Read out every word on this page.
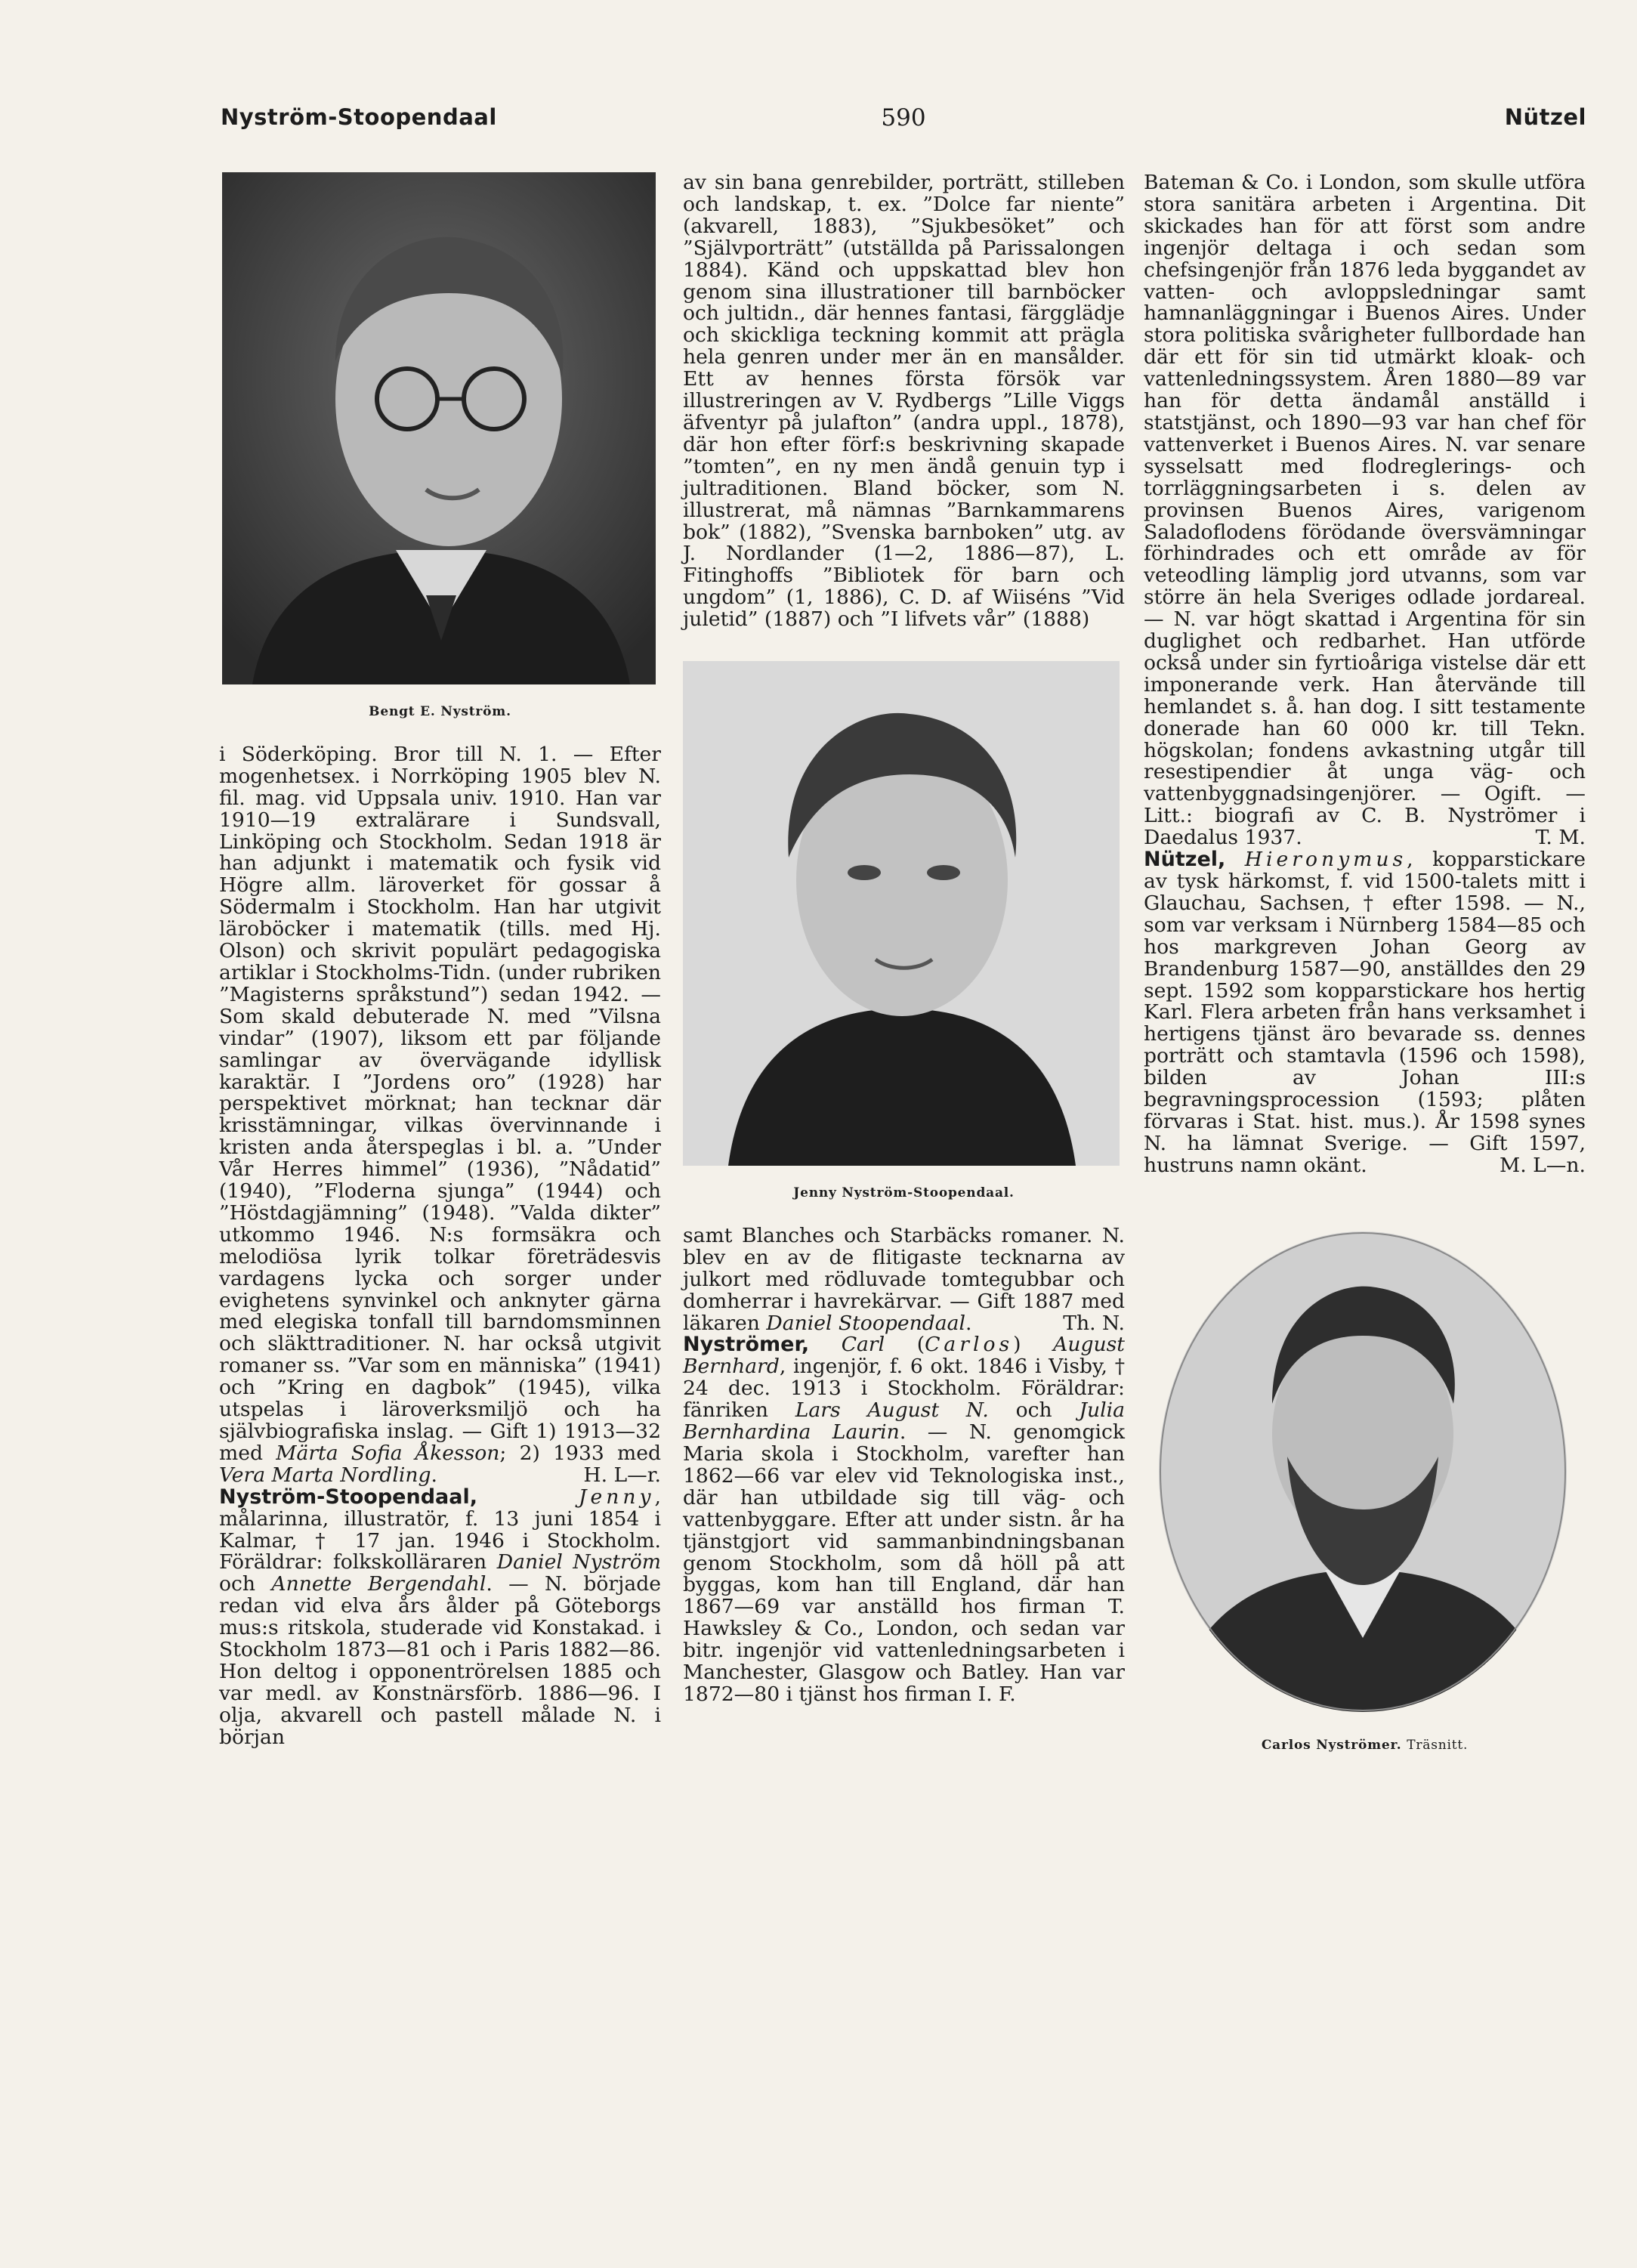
Nyström-Stoopendaal	590	Nützel
Bengt E. Nyström.

i Söderköping. Bror till N. 1. — Efter mogenhetsex. i Norrköping 1905 blev N. fil. mag. vid Uppsala univ. 1910. Han var 1910—19 extralärare i Sundsvall, Linköping och Stockholm. Sedan 1918 är han adjunkt i matematik och fysik vid Högre allm. läroverket för gossar å Södermalm i Stockholm. Han har utgivit läroböcker i matematik (tills. med Hj. Olson) och skrivit populärt pedagogiska artiklar i Stockholms-Tidn. (under rubriken ”Magisterns språkstund”) sedan 1942. — Som skald debuterade N. med ”Vilsna vindar” (1907), liksom ett par följande samlingar av övervägande idyllisk karaktär. I ”Jordens oro” (1928) har perspektivet mörknat; han tecknar där krisstämningar, vilkas övervinnande i kristen anda återspeglas i bl. a. ”Under Vår Herres himmel” (1936), ”Nådatid” (1940), ”Floderna sjunga” (1944) och ”Höstdagjämning” (1948). ”Valda dikter” utkommo 1946. N:s formsäkra och melodiösa lyrik tolkar företrädesvis vardagens lycka och sorger under evighetens synvinkel och anknyter gärna med elegiska tonfall till barndomsminnen och släkttraditioner. N. har också utgivit romaner ss. ”Var som en människa” (1941) och ”Kring en dagbok” (1945), vilka utspelas i läroverksmiljö och ha självbiografiska inslag. — Gift 1) 1913—32 med Märta Sofia Åkesson; 2) 1933 med Vera Marta Nordling.	H. L—r.

Nyström-Stoopendaal,	Jenny, målarinna, illustratör, f. 13 juni 1854 i Kalmar, † 17 jan. 1946 i Stockholm. Föräldrar: folkskolläraren Daniel Nyström och Annette Bergendahl. — N. började redan vid elva års ålder på Göteborgs mus:s ritskola, studerade vid Konstakad. i Stockholm 1873—81 och i Paris 1882—86. Hon deltog i opponentrörelsen 1885 och var medl. av Konstnärsförb. 1886—96. I olja, akvarell och pastell målade N. i början

av sin bana genrebilder, porträtt, stilleben och landskap, t. ex. ”Dolce far niente” (akvarell, 1883), ”Sjukbesöket” och ”Självporträtt” (utställda på Parissalongen 1884). Känd och uppskattad blev hon genom sina illustrationer till barnböcker och jultidn., där hennes fantasi, färgglädje och skickliga teckning kommit att präglа hela genren under mer än en mansålder. Ett av hennes första försök var illustreringen av V. Rydbergs ”Lille Viggs äfventyr på julafton” (andra uppl., 1878), där hon efter förf:s beskrivning skapade ”tomten”, en ny men ändå genuin typ i jultraditionen. Bland böcker, som N. illustrerat, må nämnas ”Barnkammarens bok” (1882), ”Svenska barnboken” utg. av J. Nordlander (1—2, 1886—87), L. Fitinghoffs ”Bibliotek för barn och ungdom” (1, 1886), C. D. af Wiiséns ”Vid juletid” (1887) och ”I lifvets vår” (1888)

Jenny Nyström-Stoopendaal.

samt Blanches och Starbäcks romaner. N. blev en av de flitigaste tecknarna av julkort med rödluvade tomtegubbar och domherrar i havrekärvar. — Gift 1887 med läkaren Daniel Stoopendaal.	Th. N.

Nyströmer, Carl (Carlos) August Bernhard, ingenjör, f. 6 okt. 1846 i Visby, † 24 dec. 1913 i Stockholm. Föräldrar: fänriken Lars August N. och Julia Bernhardina Laurin. — N. genomgick Maria skola i Stockholm, varefter han 1862—66 var elev vid Teknologiska inst., där han utbildade sig till väg- och vattenbyggare. Efter att under sistn. år ha tjänstgjort vid sammanbindningsbanan genom Stockholm, som då höll på att byggas, kom han till England, där han 1867—69 var anställd hos firman T. Hawksley & Co., London, och sedan var bitr. ingenjör vid vattenledningsarbeten i Manchester, Glasgow och Batley. Han var 1872—80 i tjänst hos firman I. F.

Bateman & Co. i London, som skulle utföra stora sanitära arbeten i Argentina. Dit skickades han för att först som andre ingenjör deltaga i och sedan som chefsingenjör från 1876 leda byggandet av vatten- och avloppsledningar samt hamnanläggningar i Buenos Aires. Under stora politiska svårigheter fullbordade han där ett för sin tid utmärkt kloak- och vattenledningssystem. Åren 1880—89 var han för detta ändamål anställd i statstjänst, och 1890—93 var han chef för vattenverket i Buenos Aires. N. var senare sysselsatt med flodreglerings- och torrläggningsarbeten i s. delen av provinsen Buenos Aires, varigenom Saladoflodens förödande översvämningar förhindrades och ett område av för veteodling lämplig jord utvanns, som var större än hela Sveriges odlade jordareal. — N. var högt skattad i Argentina för sin duglighet och redbarhet. Han utförde också under sin fyrtioåriga vistelse där ett imponerande verk. Han återvände till hemlandet s. å. han dog. I sitt testamente donerade han 60 000 kr. till Tekn. högskolan; fondens avkastning utgår till resestipendier åt unga väg- och vattenbyggnadsingenjörer. — Ogift. — Litt.: biografi av C. B. Nyströmer i Daedalus 1937.	T. M.

Nützel, Hieronymus, kopparstickare av tysk härkomst, f. vid 1500-talets mitt i Glauchau, Sachsen, † efter 1598. — N., som var verksam i Nürnberg 1584—85 och hos markgreven Johan Georg av Brandenburg 1587—90, anställdes den 29 sept. 1592 som kopparstickare hos hertig Karl. Flera arbeten från hans verksamhet i hertigens tjänst äro bevarade ss. dennes porträtt och stamtavla (1596 och 1598), bilden av Johan III:s begravningsprocession (1593; plåten förvaras i Stat. hist. mus.). År 1598 synes N. ha lämnat Sverige. — Gift 1597, hustruns namn okänt.	M. L—n.

Carlos Nyströmer. Träsnitt.
